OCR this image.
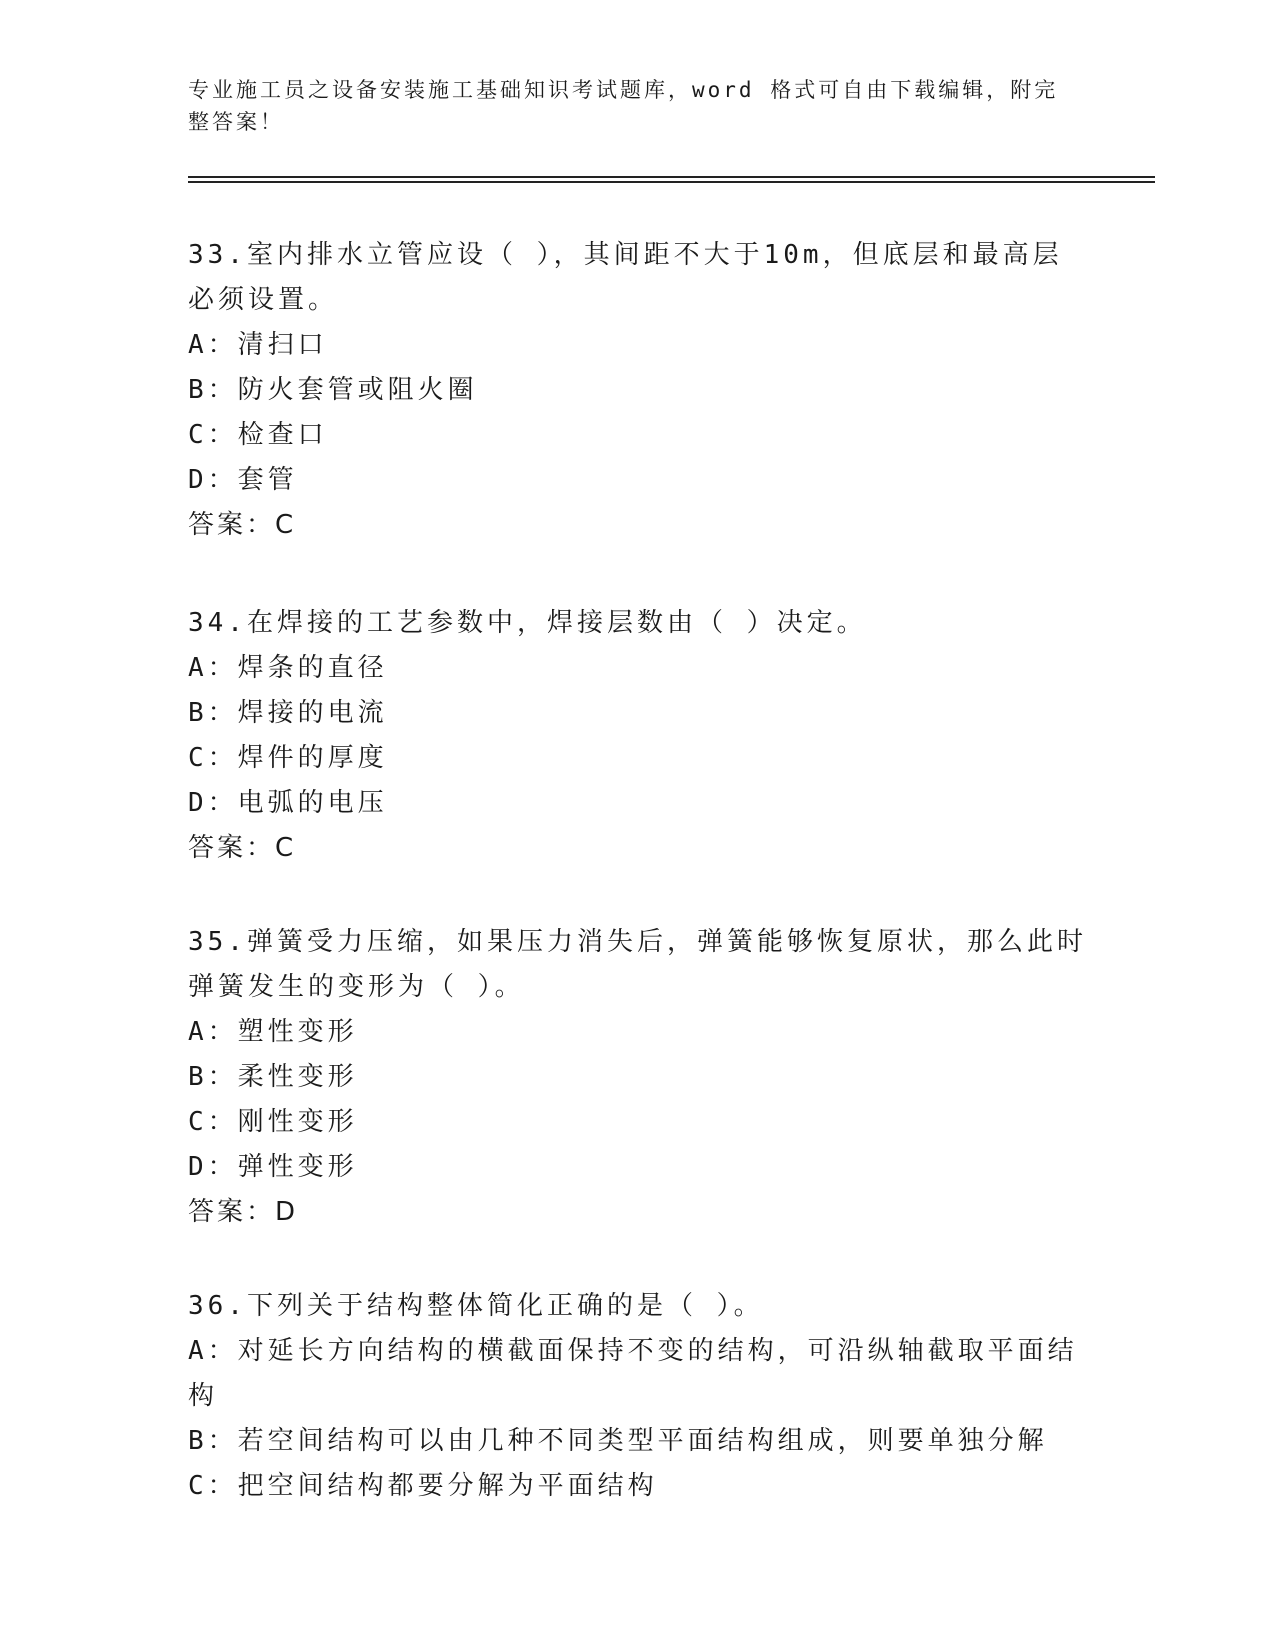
专业施工员之设备安装施工基础知识考试题库，word 格式可自由下载编辑，附完整答案！
33.室内排水立管应设（ ），其间距不大于10m，但底层和最高层必须设置。
A：清扫口
B：防火套管或阻火圈
C：检查口
D：套管
答案：C
34.在焊接的工艺参数中，焊接层数由（ ）决定。
A：焊条的直径
B：焊接的电流
C：焊件的厚度
D：电弧的电压
答案：C
35.弹簧受力压缩，如果压力消失后，弹簧能够恢复原状，那么此时弹簧发生的变形为（ ）。
A：塑性变形
B：柔性变形
C：刚性变形
D：弹性变形
答案：D
36.下列关于结构整体简化正确的是（ ）。
A：对延长方向结构的横截面保持不变的结构，可沿纵轴截取平面结构
B：若空间结构可以由几种不同类型平面结构组成，则要单独分解
C：把空间结构都要分解为平面结构
